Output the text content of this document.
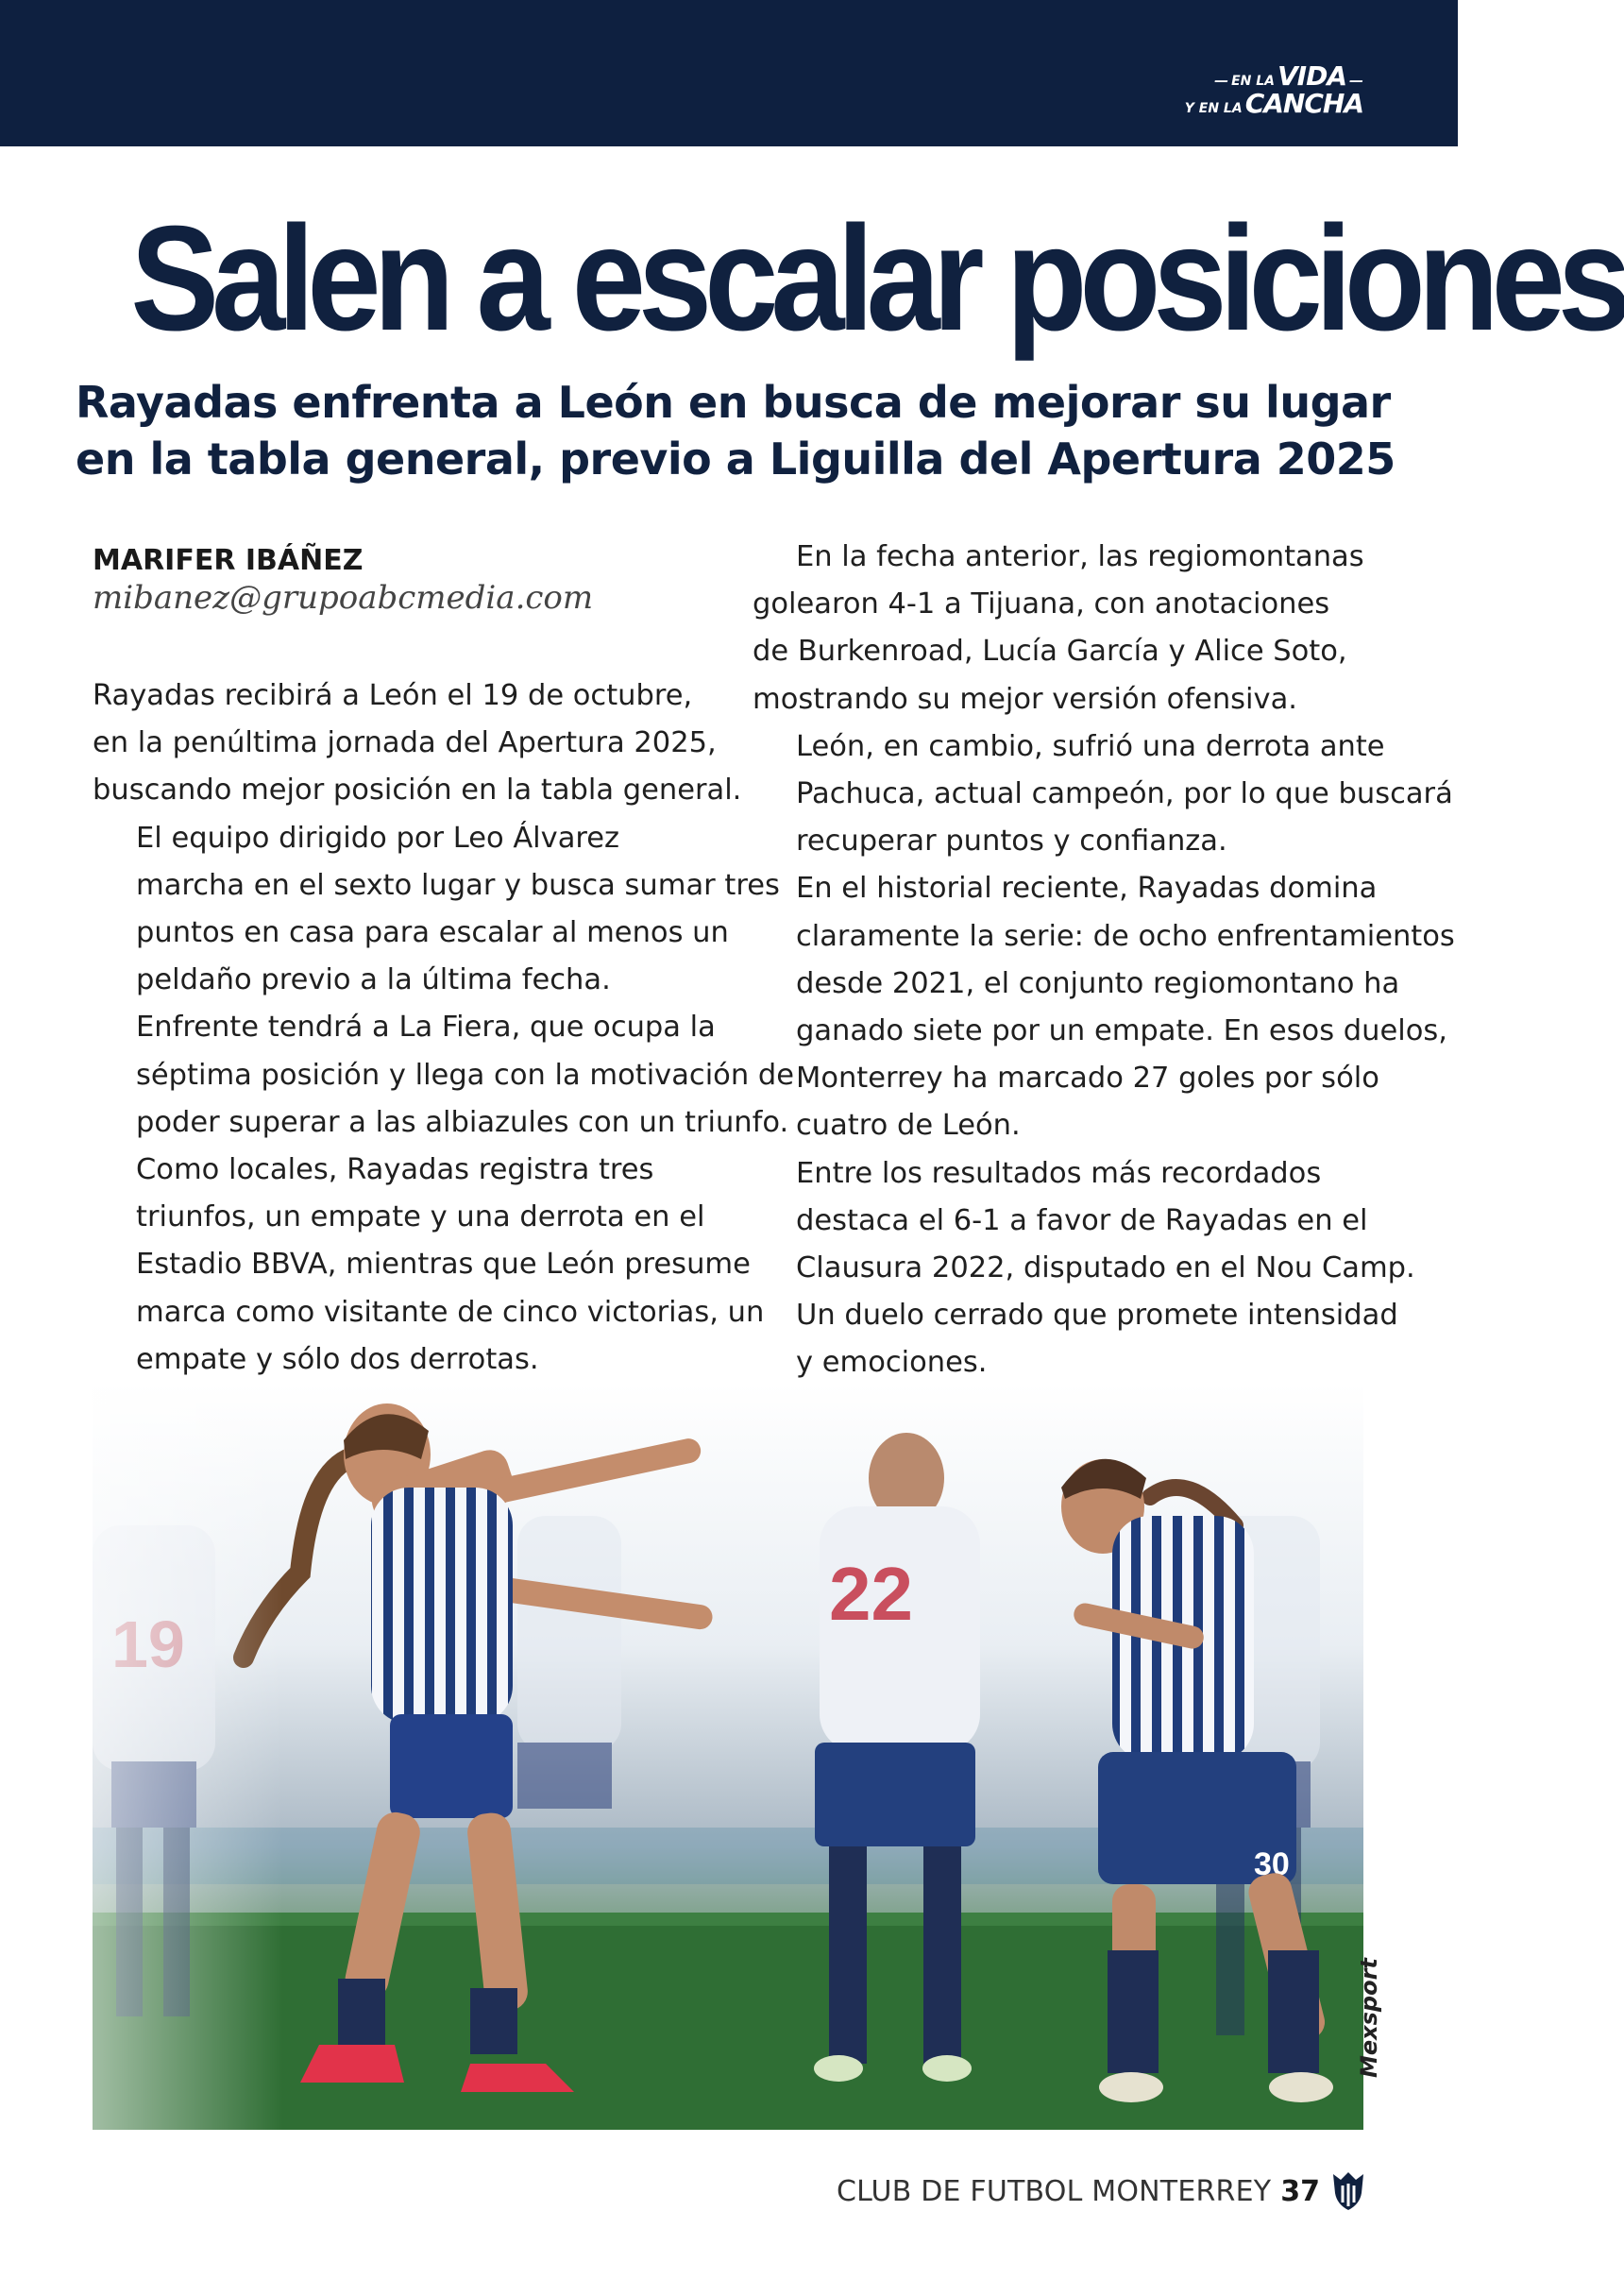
— EN LA VIDA —
Y EN LA CANCHA
Salen a escalar posiciones
Rayadas enfrenta a León en busca de mejorar su lugar
en la tabla general, previo a Liguilla del Apertura 2025
MARIFER IBÁÑEZ
mibanez@grupoabcmedia.com

Rayadas recibirá a León el 19 de octubre,
en la penúltima jornada del Apertura 2025,
buscando mejor posición en la tabla general.

El equipo dirigido por Leo Álvarez
marcha en el sexto lugar y busca sumar tres
puntos en casa para escalar al menos un
peldaño previo a la última fecha.

Enfrente tendrá a La Fiera, que ocupa la
séptima posición y llega con la motivación de
poder superar a las albiazules con un triunfo.

Como locales, Rayadas registra tres
triunfos, un empate y una derrota en el
Estadio BBVA, mientras que León presume
marca como visitante de cinco victorias, un
empate y sólo dos derrotas.

En la fecha anterior, las regiomontanas
golearon 4-1 a Tijuana, con anotaciones
de Burkenroad, Lucía García y Alice Soto,
mostrando su mejor versión ofensiva.

León, en cambio, sufrió una derrota ante
Pachuca, actual campeón, por lo que buscará
recuperar puntos y confianza.

En el historial reciente, Rayadas domina
claramente la serie: de ocho enfrentamientos
desde 2021, el conjunto regiomontano ha
ganado siete por un empate. En esos duelos,
Monterrey ha marcado 27 goles por sólo
cuatro de León.

Entre los resultados más recordados
destaca el 6-1 a favor de Rayadas en el
Clausura 2022, disputado en el Nou Camp.

Un duelo cerrado que promete intensidad
y emociones.

Mexsport
CLUB DE FUTBOL MONTERREY 37
